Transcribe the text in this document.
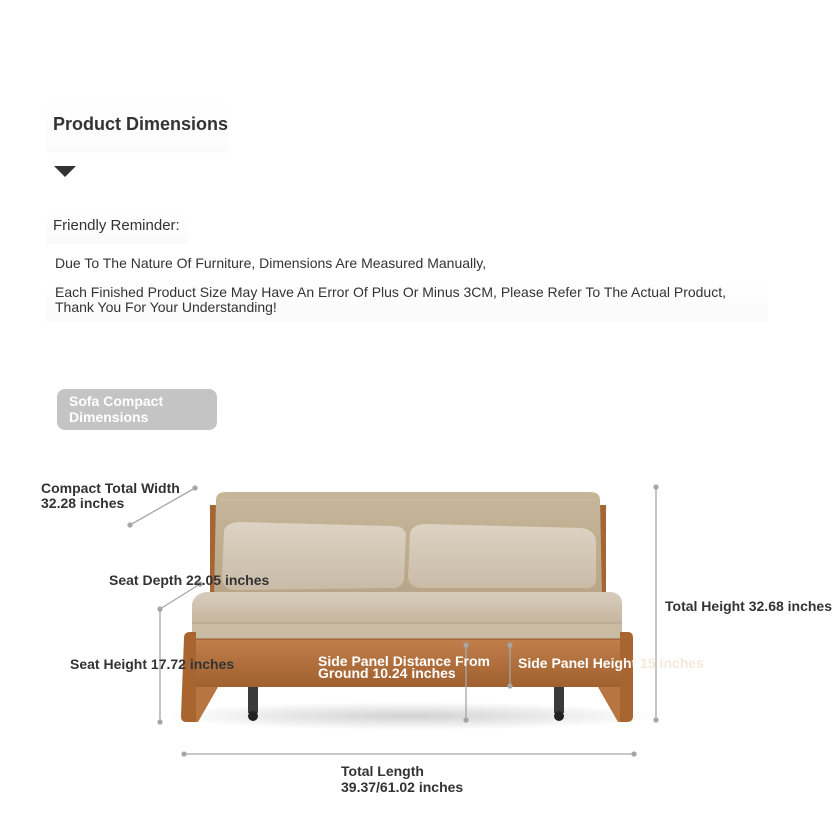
Product Dimensions
Friendly Reminder:
Due To The Nature Of Furniture, Dimensions Are Measured Manually,
Each Finished Product Size May Have An Error Of Plus Or Minus 3CM, Please Refer To The Actual Product, Thank You For Your Understanding!
Sofa Compact
Dimensions
Compact Total Width
32.28 inches
Seat Depth 22.05 inches
Seat Height 17.72 inches
Total Height 32.68 inches
Side Panel Distance From
Ground 10.24 inches
Side Panel Height 15 inches
Total Length
39.37/61.02 inches
